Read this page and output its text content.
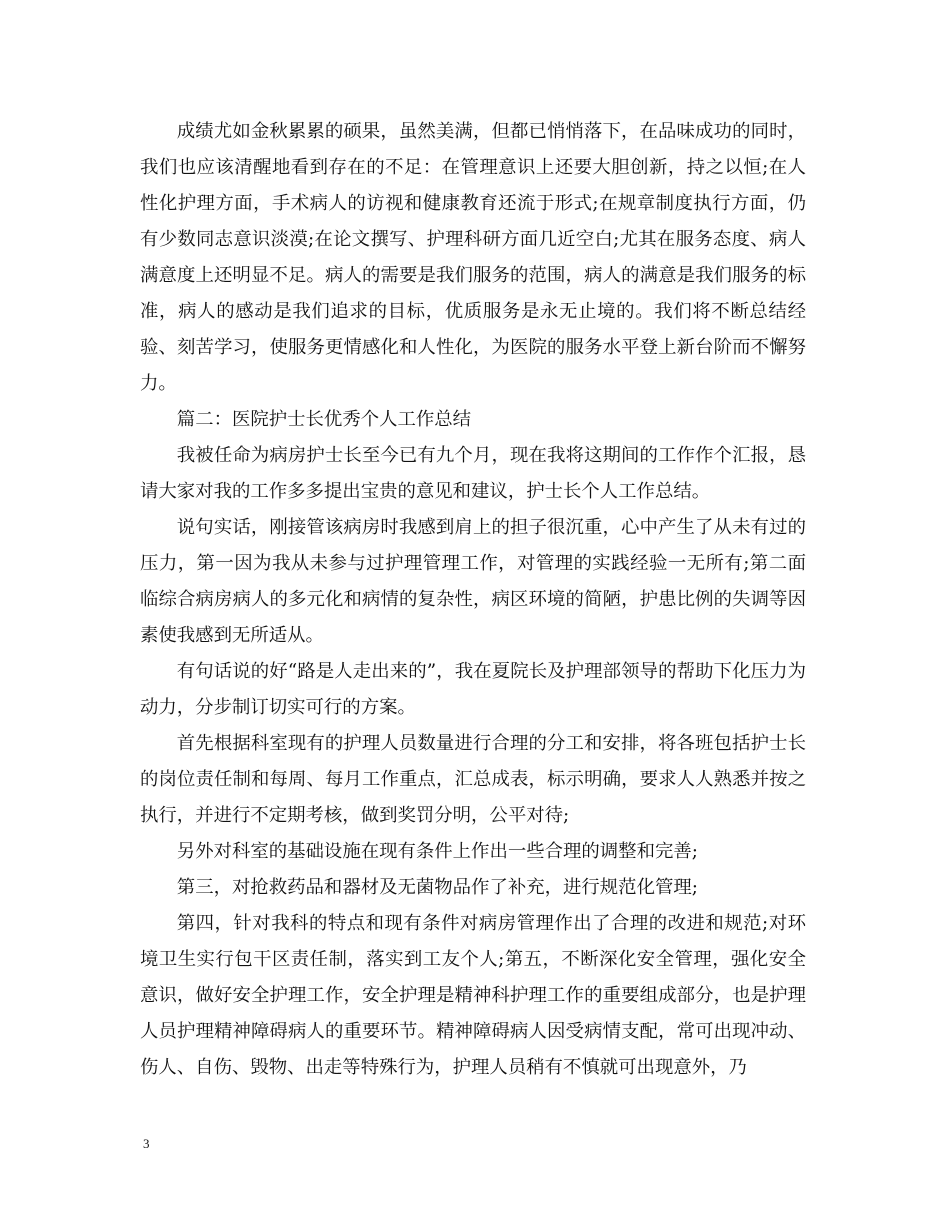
成绩尤如金秋累累的硕果，虽然美满，但都已悄悄落下，在品味成功的同时，我们也应该清醒地看到存在的不足：在管理意识上还要大胆创新，持之以恒;在人性化护理方面，手术病人的访视和健康教育还流于形式;在规章制度执行方面，仍有少数同志意识淡漠;在论文撰写、护理科研方面几近空白;尤其在服务态度、病人满意度上还明显不足。病人的需要是我们服务的范围，病人的满意是我们服务的标准，病人的感动是我们追求的目标，优质服务是永无止境的。我们将不断总结经验、刻苦学习，使服务更情感化和人性化，为医院的服务水平登上新台阶而不懈努力。

篇二：医院护士长优秀个人工作总结

我被任命为病房护士长至今已有九个月，现在我将这期间的工作作个汇报，恳请大家对我的工作多多提出宝贵的意见和建议，护士长个人工作总结。

说句实话，刚接管该病房时我感到肩上的担子很沉重，心中产生了从未有过的压力，第一因为我从未参与过护理管理工作，对管理的实践经验一无所有;第二面临综合病房病人的多元化和病情的复杂性，病区环境的简陋，护患比例的失调等因素使我感到无所适从。

有句话说的好“路是人走出来的”，我在夏院长及护理部领导的帮助下化压力为动力，分步制订切实可行的方案。

首先根据科室现有的护理人员数量进行合理的分工和安排，将各班包括护士长的岗位责任制和每周、每月工作重点，汇总成表，标示明确，要求人人熟悉并按之执行，并进行不定期考核，做到奖罚分明，公平对待;

另外对科室的基础设施在现有条件上作出一些合理的调整和完善;

第三，对抢救药品和器材及无菌物品作了补充，进行规范化管理;

第四，针对我科的特点和现有条件对病房管理作出了合理的改进和规范;对环境卫生实行包干区责任制，落实到工友个人;第五，不断深化安全管理，强化安全意识，做好安全护理工作，安全护理是精神科护理工作的重要组成部分，也是护理人员护理精神障碍病人的重要环节。精神障碍病人因受病情支配，常可出现冲动、伤人、自伤、毁物、出走等特殊行为，护理人员稍有不慎就可出现意外，乃

3
